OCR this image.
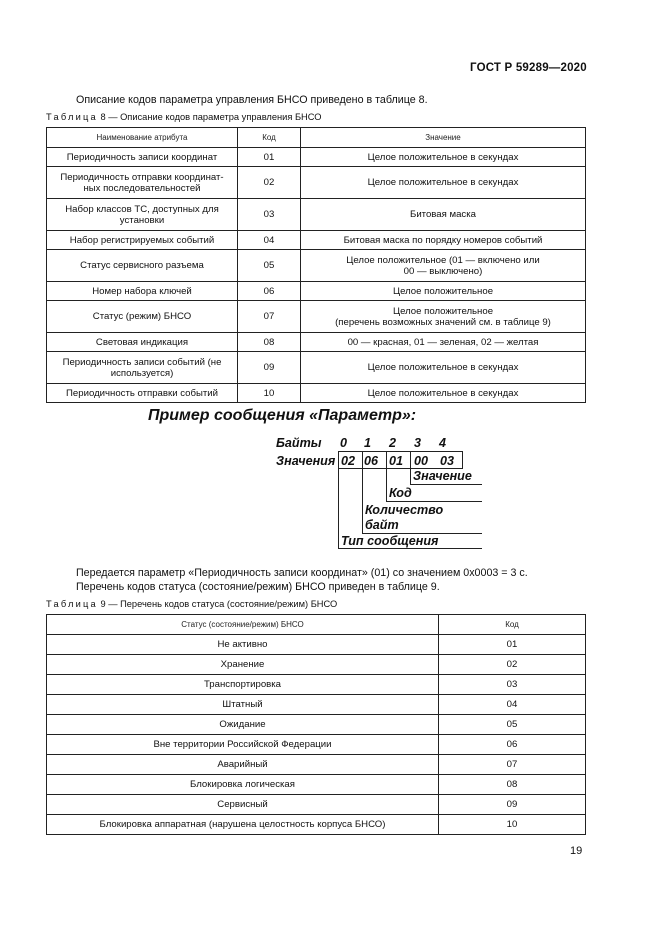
ГОСТ Р 59289—2020
Описание кодов параметра управления БНСО приведено в таблице 8.
Таблица 8 — Описание кодов параметра управления БНСО
Наименование атрибута	Код	Значение
Периодичность записи координат	01	Целое положительное в секундах
Периодичность отправки координат-
ных последовательностей	02	Целое положительное в секундах
Набор классов ТС, доступных для
установки	03	Битовая маска
Набор регистрируемых событий	04	Битовая маска по порядку номеров событий
Статус сервисного разъема	05	Целое положительное (01 — включено или
00 — выключено)
Номер набора ключей	06	Целое положительное
Статус (режим) БНСО	07	Целое положительное
(перечень возможных значений см. в таблице 9)
Световая индикация	08	00 — красная, 01 — зеленая, 02 — желтая
Периодичность записи событий (не
используется)	09	Целое положительное в секундах
Периодичность отправки событий	10	Целое положительное в секундах
Пример сообщения «Параметр»:
Байты 0 1 2 3 4
Значения 02 06 01 00 03
Значение
Код
Количество
байт
Тип сообщения
Передается параметр «Периодичность записи координат» (01) со значением 0x0003 = 3 с.
Перечень кодов статуса (состояние/режим) БНСО приведен в таблице 9.
Таблица 9 — Перечень кодов статуса (состояние/режим) БНСО
Статус (состояние/режим) БНСО	Код
Не активно	01
Хранение	02
Транспортировка	03
Штатный	04
Ожидание	05
Вне территории Российской Федерации	06
Аварийный	07
Блокировка логическая	08
Сервисный	09
Блокировка аппаратная (нарушена целостность корпуса БНСО)	10
19
